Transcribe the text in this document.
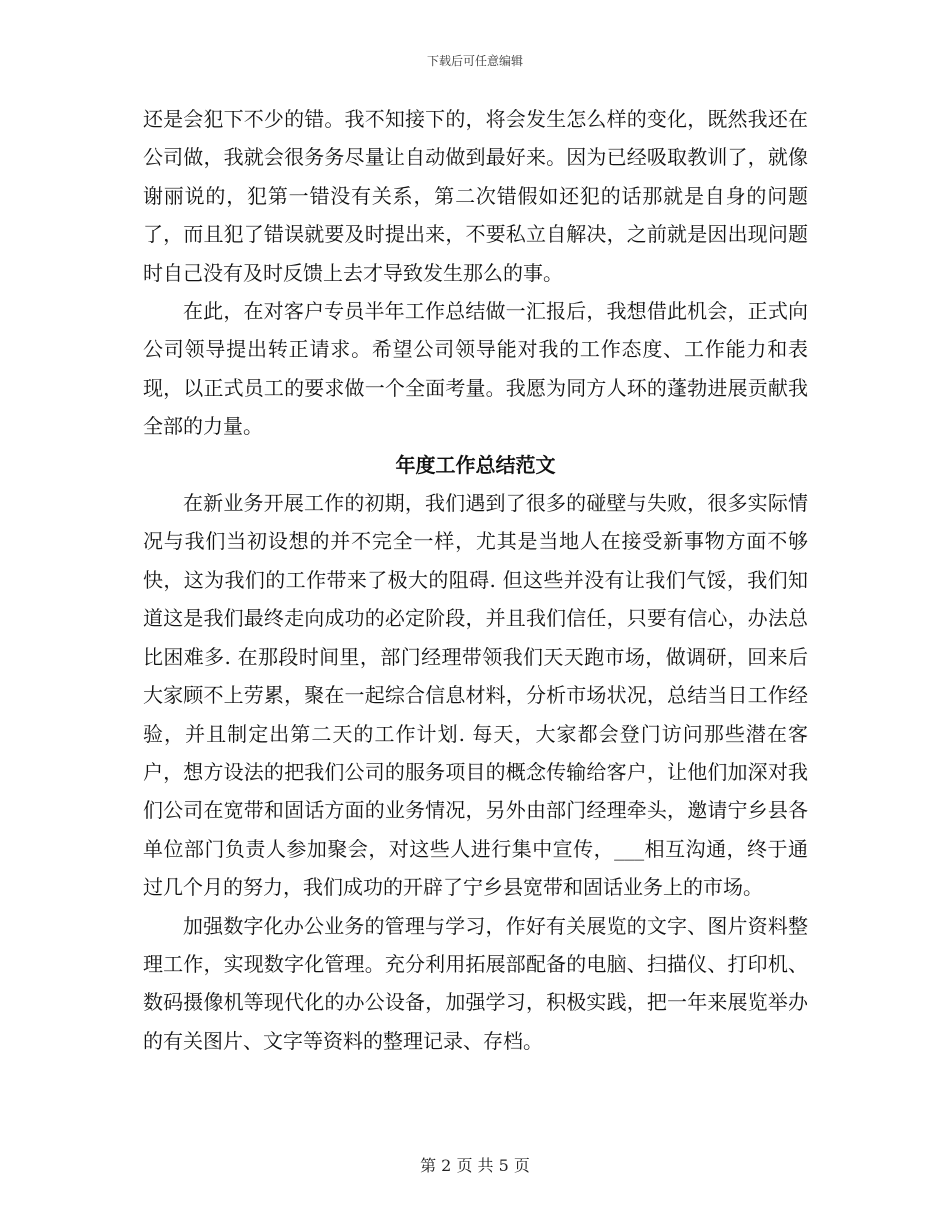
下载后可任意编辑

还是会犯下不少的错。我不知接下的，将会发生怎么样的变化，既然我还在公司做，我就会很务务尽量让自动做到最好来。因为已经吸取教训了，就像谢丽说的，犯第一错没有关系，第二次错假如还犯的话那就是自身的问题了，而且犯了错误就要及时提出来，不要私立自解决，之前就是因出现问题时自己没有及时反馈上去才导致发生那么的事。

在此，在对客户专员半年工作总结做一汇报后，我想借此机会，正式向公司领导提出转正请求。希望公司领导能对我的工作态度、工作能力和表现，以正式员工的要求做一个全面考量。我愿为同方人环的蓬勃进展贡献我全部的力量。

年度工作总结范文

在新业务开展工作的初期，我们遇到了很多的碰壁与失败，很多实际情况与我们当初设想的并不完全一样，尤其是当地人在接受新事物方面不够快，这为我们的工作带来了极大的阻碍. 但这些并没有让我们气馁，我们知道这是我们最终走向成功的必定阶段，并且我们信任，只要有信心，办法总比困难多. 在那段时间里，部门经理带领我们天天跑市场，做调研，回来后大家顾不上劳累，聚在一起综合信息材料，分析市场状况，总结当日工作经验，并且制定出第二天的工作计划. 每天，大家都会登门访问那些潜在客户，想方设法的把我们公司的服务项目的概念传输给客户，让他们加深对我们公司在宽带和固话方面的业务情况，另外由部门经理牵头，邀请宁乡县各单位部门负责人参加聚会，对这些人进行集中宣传，___相互沟通，终于通过几个月的努力，我们成功的开辟了宁乡县宽带和固话业务上的市场。

加强数字化办公业务的管理与学习，作好有关展览的文字、图片资料整理工作，实现数字化管理。充分利用拓展部配备的电脑、扫描仪、打印机、数码摄像机等现代化的办公设备，加强学习，积极实践，把一年来展览举办的有关图片、文字等资料的整理记录、存档。

第 2 页 共 5 页
